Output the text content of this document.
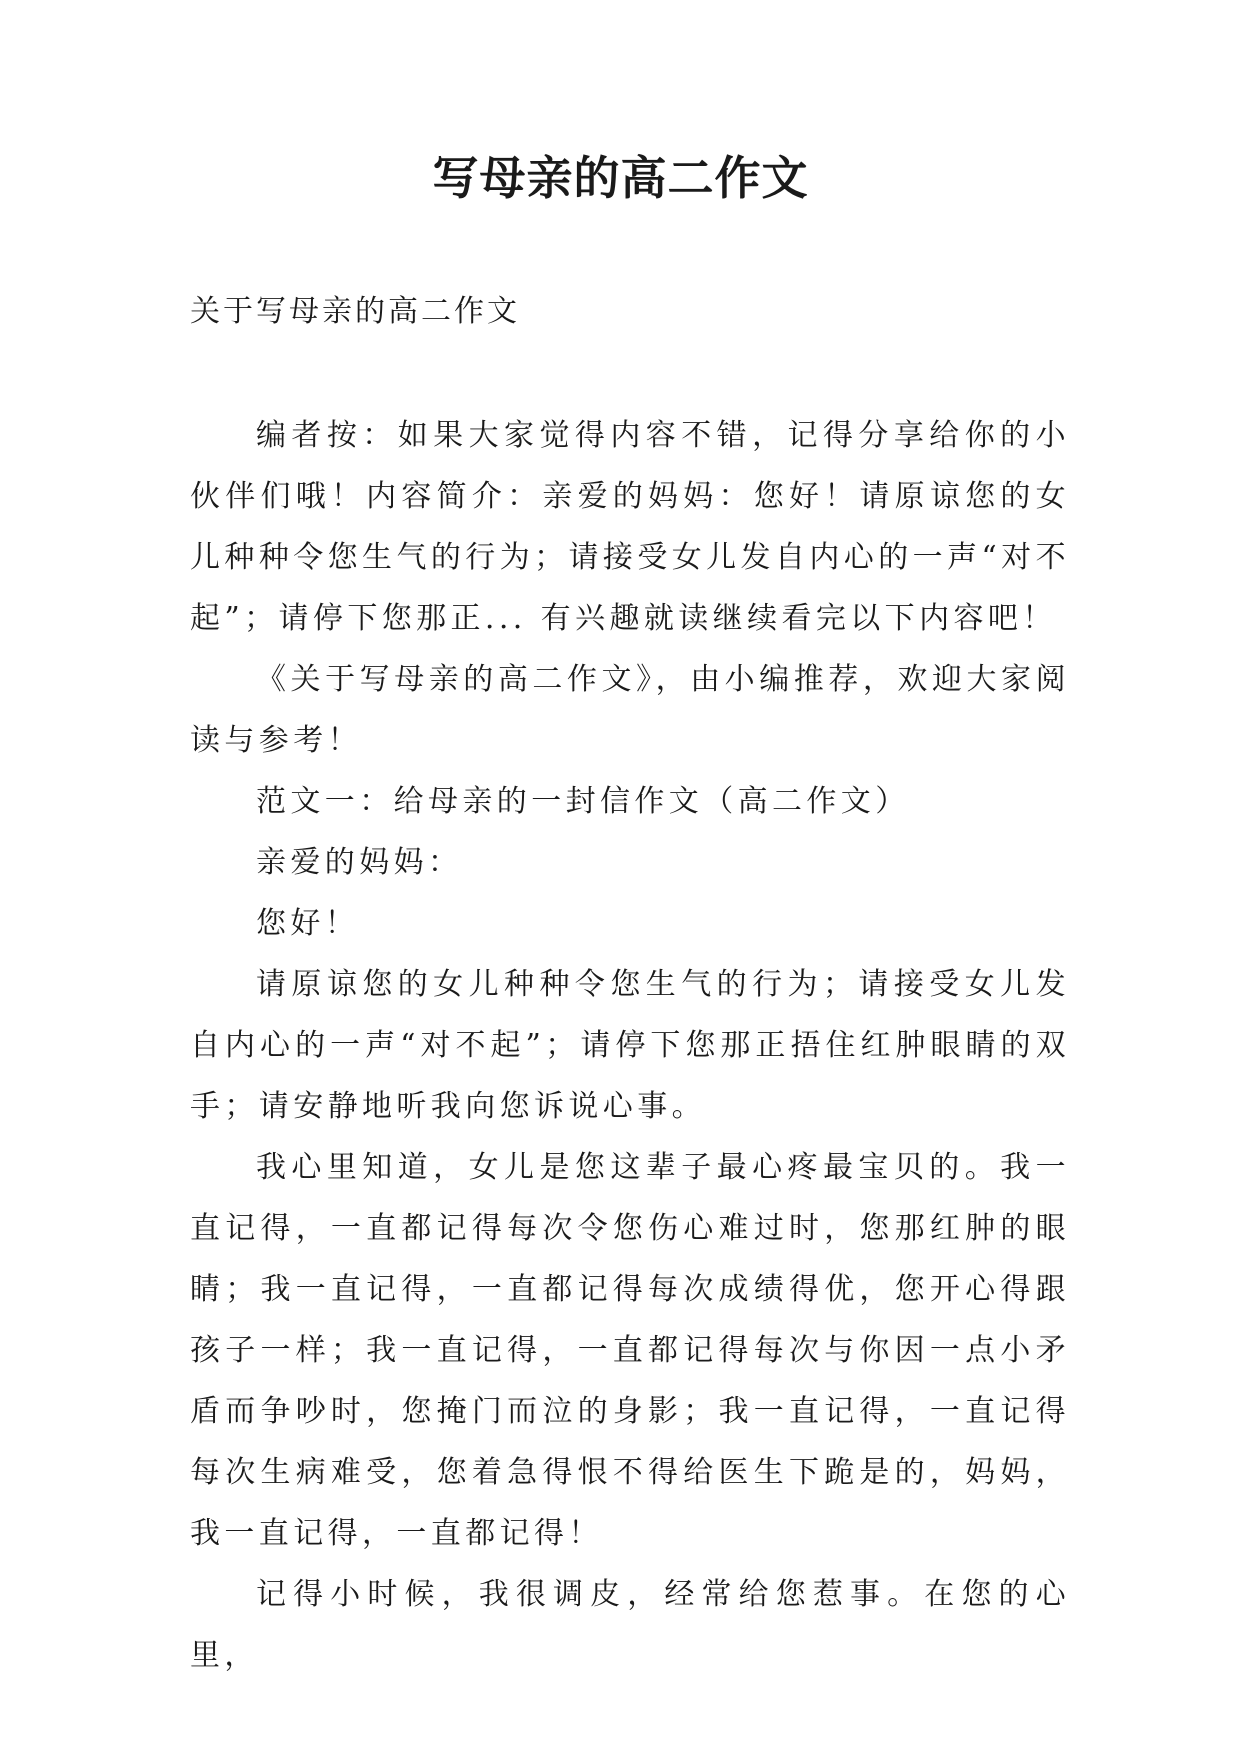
写母亲的高二作文

关于写母亲的高二作文

编者按：如果大家觉得内容不错，记得分享给你的小伙伴们哦！内容简介：亲爱的妈妈：您好！请原谅您的女儿种种令您生气的行为；请接受女儿发自内心的一声“对不起”；请停下您那正... 有兴趣就读继续看完以下内容吧！

《关于写母亲的高二作文》，由小编推荐，欢迎大家阅读与参考！

范文一：给母亲的一封信作文（高二作文）

亲爱的妈妈：

您好！

请原谅您的女儿种种令您生气的行为；请接受女儿发自内心的一声“对不起”；请停下您那正捂住红肿眼睛的双手；请安静地听我向您诉说心事。

我心里知道，女儿是您这辈子最心疼最宝贝的。我一直记得，一直都记得每次令您伤心难过时，您那红肿的眼睛；我一直记得，一直都记得每次成绩得优，您开心得跟孩子一样；我一直记得，一直都记得每次与你因一点小矛盾而争吵时，您掩门而泣的身影；我一直记得，一直记得每次生病难受，您着急得恨不得给医生下跪是的，妈妈，我一直记得，一直都记得！

记得小时候，我很调皮，经常给您惹事。在您的心里，
